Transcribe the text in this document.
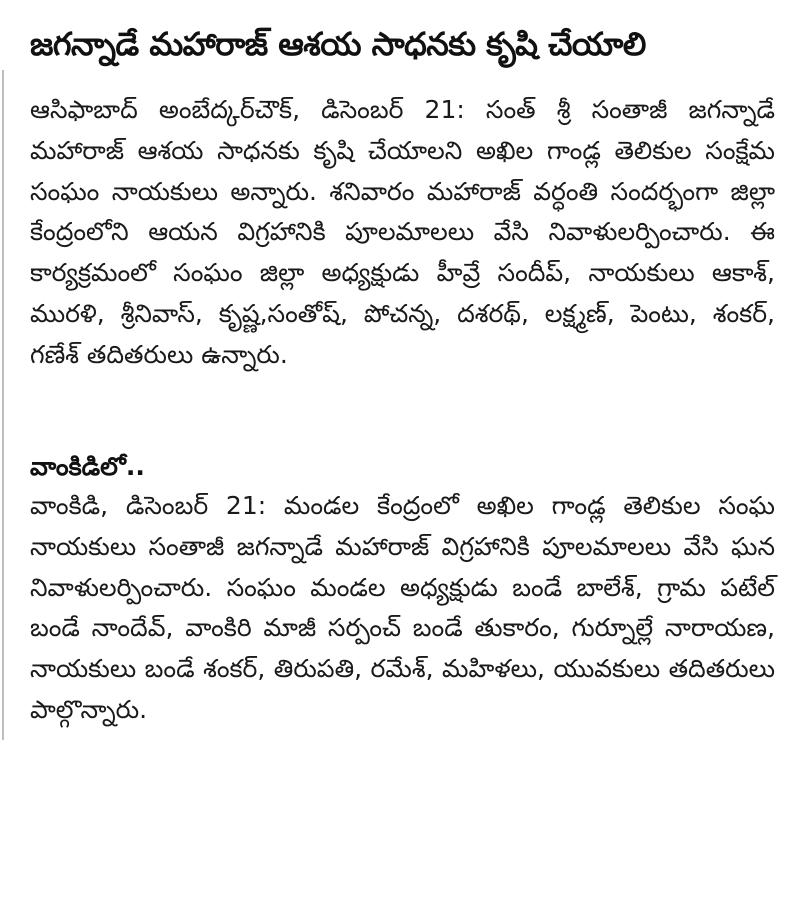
జగన్నాడే మహారాజ్ ఆశయ సాధనకు కృషి చేయాలి
ఆసిఫాబాద్ అంబేద్కర్‌చౌక్, డిసెంబర్ 21: సంత్ శ్రీ సంతాజీ జగన్నాడే మహారాజ్ ఆశయ సాధనకు కృషి చేయాలని అఖిల గాండ్ల తెలికుల సంక్షేమ సంఘం నాయకులు అన్నారు. శనివారం మహారాజ్ వర్ధంతి సందర్భంగా జిల్లా కేంద్రంలోని ఆయన విగ్రహానికి పూలమాలలు వేసి నివాళులర్పించారు. ఈ కార్యక్రమంలో సంఘం జిల్లా అధ్యక్షుడు హీవ్రే సందీప్, నాయకులు ఆకాశ్, మురళి, శ్రీనివాస్, కృష్ణ,సంతోష్, పోచన్న, దశరథ్, లక్ష్మణ్, పెంటు, శంకర్, గణేశ్ తదితరులు ఉన్నారు.
వాంకిడిలో..
వాంకిడి, డిసెంబర్ 21: మండల కేంద్రంలో అఖిల గాండ్ల తెలికుల సంఘ నాయకులు సంతాజీ జగన్నాడే మహారాజ్ విగ్రహానికి పూలమాలలు వేసి ఘన నివాళులర్పించారు. సంఘం మండల అధ్యక్షుడు బండే బాలేశ్, గ్రామ పటేల్ బండే నాందేవ్, వాంకిరి మాజీ సర్పంచ్ బండే తుకారం, గుర్నూల్లే నారాయణ, నాయకులు బండే శంకర్, తిరుపతి, రమేశ్, మహిళలు, యువకులు తదితరులు పాల్గొన్నారు.
